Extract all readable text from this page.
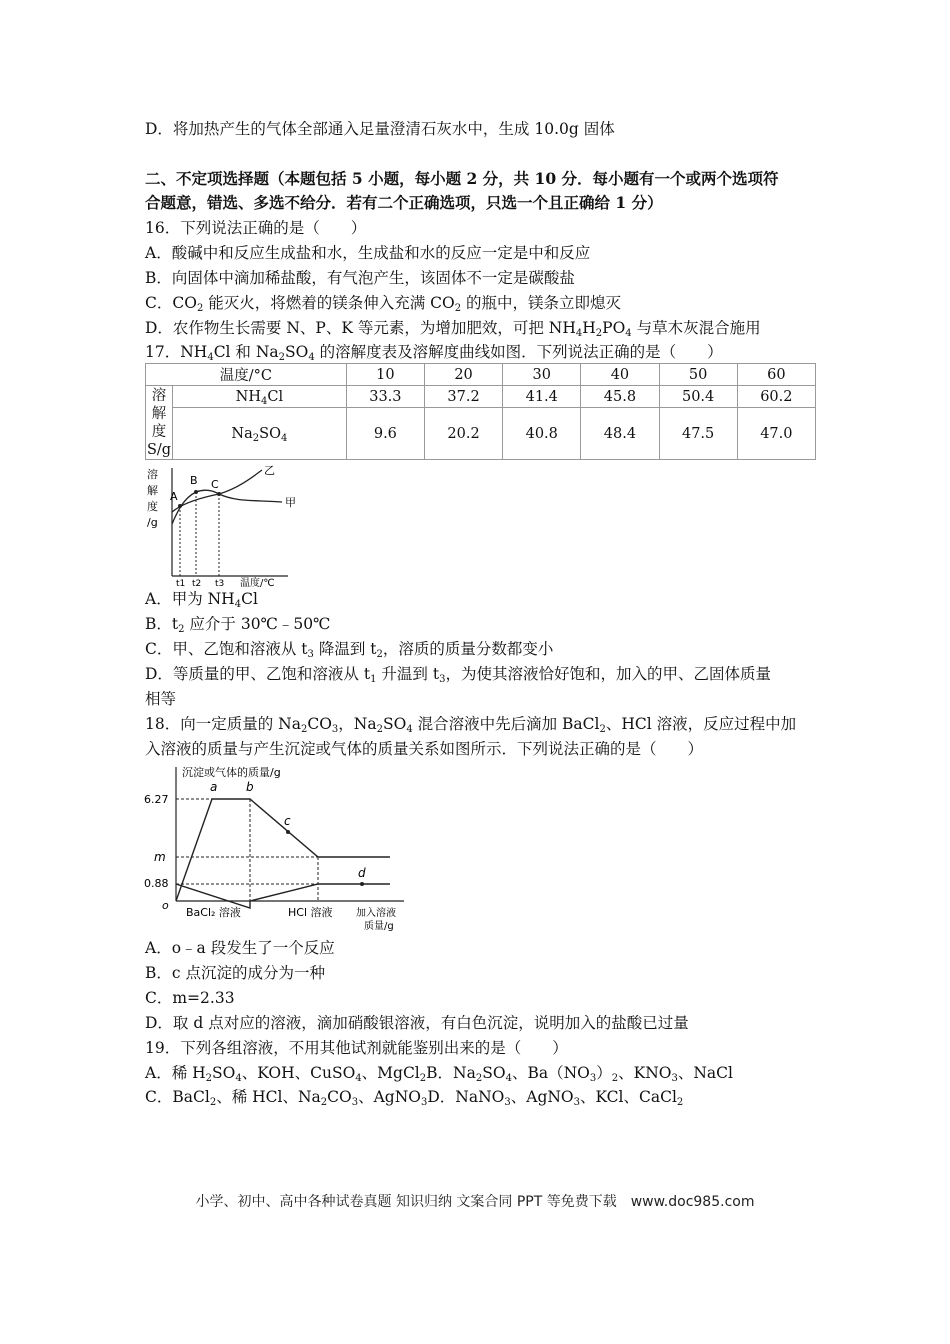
D．将加热产生的气体全部通入足量澄清石灰水中，生成 10.0g 固体
二、不定项选择题（本题包括 5 小题，每小题 2 分，共 10 分．每小题有一个或两个选项符
合题意，错选、多选不给分．若有二个正确选项，只选一个且正确给 1 分）
16．下列说法正确的是（　　）
A．酸碱中和反应生成盐和水，生成盐和水的反应一定是中和反应
B．向固体中滴加稀盐酸，有气泡产生，该固体不一定是碳酸盐
C．$CO_2$ 能灭火，将燃着的镁条伸入充满 $CO_2$ 的瓶中，镁条立即熄灭
D．农作物生长需要 N、P、K 等元素，为增加肥效，可把 $NH_4H_2PO_4$ 与草木灰混合施用
17．$NH_4Cl$ 和 $Na_2SO_4$ 的溶解度表及溶解度曲线如图．下列说法正确的是（　　）
温度/°C		10	20	30	40	50	60
溶
解
度
S/g	$NH_4Cl$	33.3	37.2	41.4	45.8	50.4	60.2
	$Na_2SO_4$	9.6	20.2	40.8	48.4	47.5	47.0
溶
解
度
/g
乙
甲
A
B C
t1 t2 t3 温度/℃
A．甲为 $NH_4Cl$
B．$t_2$ 应介于 30℃﹣50℃
C．甲、乙饱和溶液从 $t_3$ 降温到 $t_2$，溶质的质量分数都变小
D．等质量的甲、乙饱和溶液从 $t_1$ 升温到 $t_3$，为使其溶液恰好饱和，加入的甲、乙固体质量
相等
18．向一定质量的 $Na_2CO_3$，$Na_2SO_4$ 混合溶液中先后滴加 BaCl$_2$、HCl 溶液，反应过程中加
入溶液的质量与产生沉淀或气体的质量关系如图所示．下列说法正确的是（　　）
沉淀或气体的质量/g
6.27
m
0.88
o
a b
c
d
BaCl₂ 溶液	HCl 溶液 加入溶液
质量/g
A．o﹣a 段发生了一个反应
B．c 点沉淀的成分为一种
C．m=2.33
D．取 d 点对应的溶液，滴加硝酸银溶液，有白色沉淀，说明加入的盐酸已过量
19．下列各组溶液，不用其他试剂就能鉴别出来的是（　　）
A．稀 $H_2SO_4$、KOH、CuSO$_4$、MgCl$_2$B．$Na_2SO_4$、$Ba(NO_3)_2$、$KNO_3$、NaCl
C．BaCl$_2$、稀 HCl、$Na_2CO_3$、AgNO$_3$D．NaNO$_3$、AgNO$_3$、KCl、CaCl$_2$
小学、初中、高中各种试卷真题 知识归纳 文案合同 PPT 等免费下载　www.doc985.com
